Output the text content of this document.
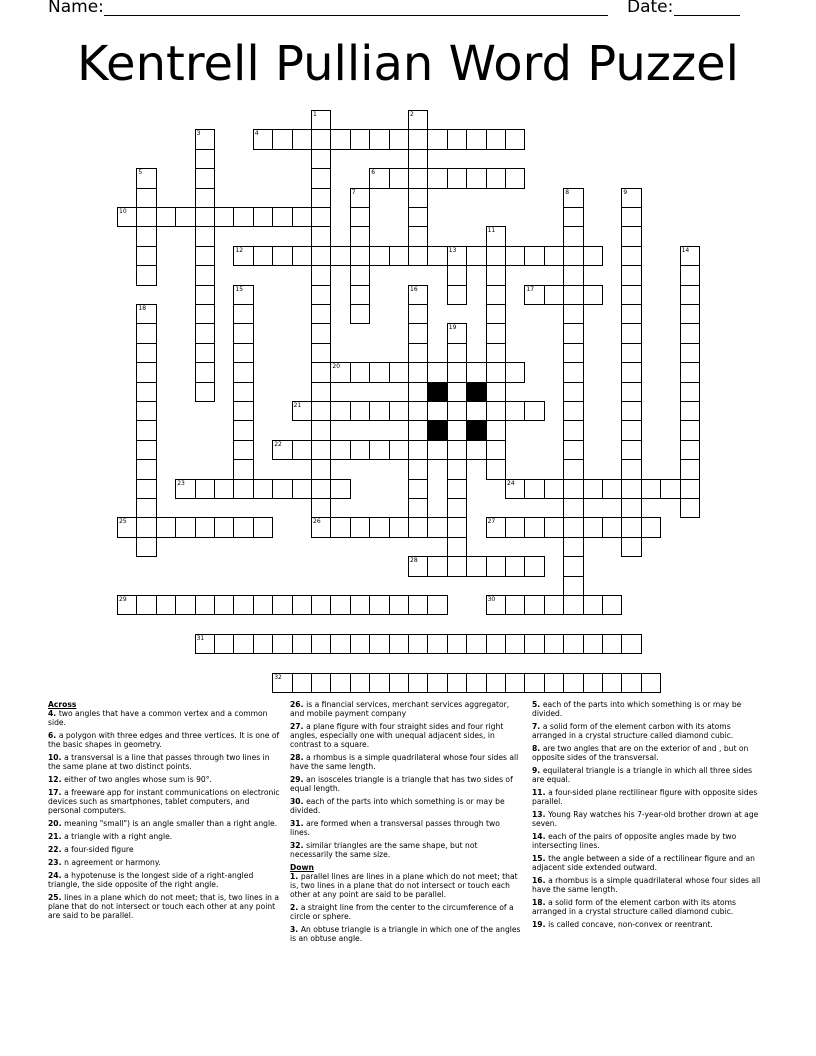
Name:	Date:
Kentrell Pullian Word Puzzel
4
6
10
12	13
17
20
21
22
23	24
25	26	27
28
29	30
31
32
1	2
3
5
7	8	9
11
14
15	16
18
19
Across
4. two angles that have a common vertex and a common side.
6. a polygon with three edges and three vertices. It is one of the basic shapes in geometry.
10. a transversal is a line that passes through two lines in the same plane at two distinct points.
12. either of two angles whose sum is 90°.
17. a freeware app for instant communications on electronic devices such as smartphones, tablet computers, and personal computers.
20. meaning "small") is an angle smaller than a right angle.
21. a triangle with a right angle.
22. a four-sided figure
23. n agreement or harmony.
24. a hypotenuse is the longest side of a right-angled triangle, the side opposite of the right angle.
25. lines in a plane which do not meet; that is, two lines in a plane that do not intersect or touch each other at any point are said to be parallel.
26. is a financial services, merchant services aggregator, and mobile payment company
27. a plane figure with four straight sides and four right angles, especially one with unequal adjacent sides, in contrast to a square.
28. a rhombus is a simple quadrilateral whose four sides all have the same length.
29. an isosceles triangle is a triangle that has two sides of equal length.
30. each of the parts into which something is or may be divided.
31. are formed when a transversal passes through two lines.
32. similar triangles are the same shape, but not necessarily the same size.
Down
1. parallel lines are lines in a plane which do not meet; that is, two lines in a plane that do not intersect or touch each other at any point are said to be parallel.
2. a straight line from the center to the circumference of a circle or sphere.
3. An obtuse triangle is a triangle in which one of the angles is an obtuse angle.
5. each of the parts into which something is or may be divided.
7. a solid form of the element carbon with its atoms arranged in a crystal structure called diamond cubic.
8. are two angles that are on the exterior of and , but on opposite sides of the transversal.
9. equilateral triangle is a triangle in which all three sides are equal.
11. a four-sided plane rectilinear figure with opposite sides parallel.
13. Young Ray watches his 7-year-old brother drown at age seven.
14. each of the pairs of opposite angles made by two intersecting lines.
15. the angle between a side of a rectilinear figure and an adjacent side extended outward.
16. a rhombus is a simple quadrilateral whose four sides all have the same length.
18. a solid form of the element carbon with its atoms arranged in a crystal structure called diamond cubic.
19. is called concave, non-convex or reentrant.
